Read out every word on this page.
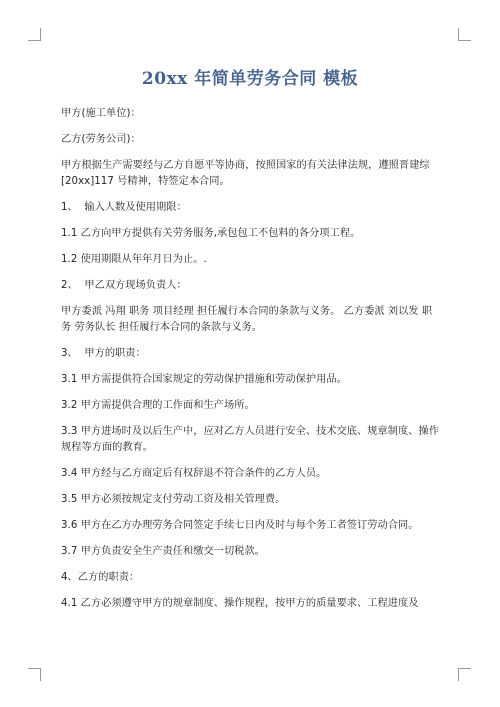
20xx 年简单劳务合同 模板

甲方(施工单位)：

乙方(劳务公司)：

甲方根据生产需要经与乙方自愿平等协商，按照国家的有关法律法规，遵照晋建综[20xx]117 号精神，特签定本合同。

1、  输入人数及使用期限：

1.1 乙方向甲方提供有关劳务服务,承包包工不包料的各分项工程。

1.2 使用期限从年年月日为止。.

2、  甲乙双方现场负责人：

甲方委派 冯翔 职务 项目经理 担任履行本合同的条款与义务。 乙方委派 刘以发 职务 劳务队长 担任履行本合同的条款与义务。

3、  甲方的职责：

3.1 甲方需提供符合国家规定的劳动保护措施和劳动保护用品。

3.2 甲方需提供合理的工作面和生产场所。

3.3 甲方进场时及以后生产中，应对乙方人员进行安全、技术交底、规章制度、操作规程等方面的教育。

3.4 甲方经与乙方商定后有权辞退不符合条件的乙方人员。

3.5 甲方必须按规定支付劳动工资及相关管理费。

3.6 甲方在乙方办理劳务合同签定手续七日内及时与每个务工者签订劳动合同。

3.7 甲方负责安全生产责任和缴交一切税款。

4、乙方的职责：

4.1 乙方必须遵守甲方的规章制度、操作规程，按甲方的质量要求、工程进度及
